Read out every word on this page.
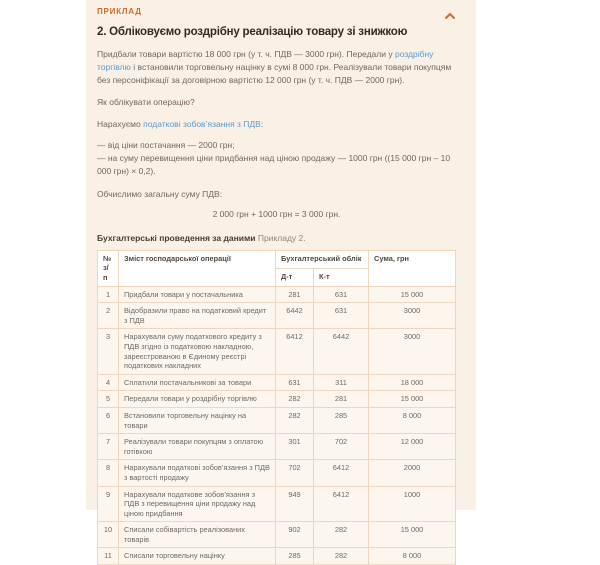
ПРИКЛАД
2. Обліковуємо роздрібну реалізацію товару зі знижкою
Придбали товари вартістю 18 000 грн (у т. ч. ПДВ — 3000 грн). Передали у роздрібну торгівлю і встановили торговельну націнку в сумі 8 000 грн. Реалізували товари покупцям без персоніфікації за договірною вартістю 12 000 грн (у т. ч. ПДВ — 2000 грн).
Як облікувати операцію?
Нарахуємо податкові зобов’язання з ПДВ:
— від ціни постачання — 2000 грн;
— на суму перевищення ціни придбання над ціною продажу — 1000 грн ((15 000 грн – 10 000 грн) × 0,2).
Обчислимо загальну суму ПДВ:
2 000 грн + 1000 грн = 3 000 грн.
Бухгалтерські проведення за даними Прикладу 2.
№ з/п	Зміст господарської операції	Бухгалтерський облік		Сума, грн
		Д-т	К-т	
1	Придбали товари у постачальника	281	631	15 000
2	Відобразили право на податковий кредит з ПДВ	6442	631	3000
3	Нарахували суму податкового кредиту з ПДВ згідно із податковою накладною, зареєстрованою в Єдиному реєстрі податкових накладних	6412	6442	3000
4	Сплатили постачальникові за товари	631	311	18 000
5	Передали товари у роздрібну торгівлю	282	281	15 000
6	Встановили торговельну націнку на товари	282	285	8 000
7	Реалізували товари покупцям з оплатою готівкою	301	702	12 000
8	Нарахували податкові зобов’язання з ПДВ з вартості продажу	702	6412	2000
9	Нарахували податкове зобов’язання з ПДВ з перевищення ціни продажу над ціною придбання	949	6412	1000
10	Списали собівартість реалізованих товарів	902	282	15 000
11	Списали торговельну націнку	285	282	8 000
